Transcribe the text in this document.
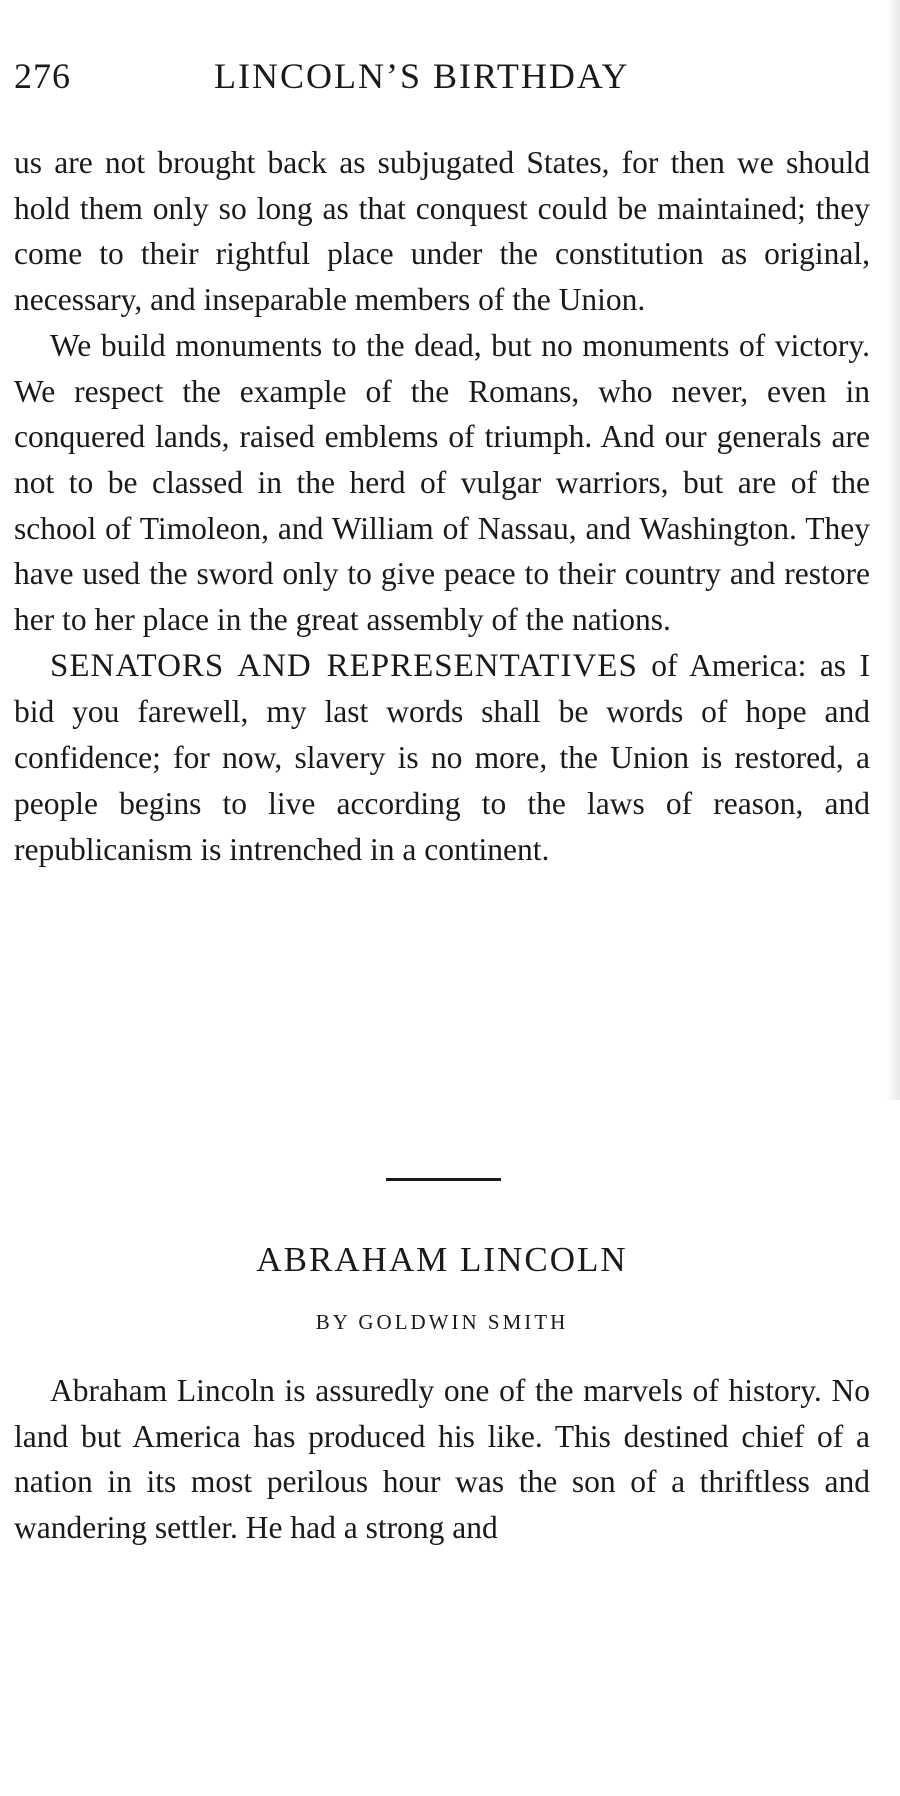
276	LINCOLN’S BIRTHDAY

us are not brought back as subjugated States, for then we should hold them only so long as that conquest could be maintained; they come to their rightful place under the constitution as original, necessary, and inseparable members of the Union.

We build monuments to the dead, but no monuments of victory. We respect the example of the Romans, who never, even in conquered lands, raised emblems of triumph. And our generals are not to be classed in the herd of vulgar warriors, but are of the school of Timoleon, and William of Nassau, and Washington. They have used the sword only to give peace to their country and restore her to her place in the great assembly of the nations.

SENATORS AND REPRESENTATIVES of America: as I bid you farewell, my last words shall be words of hope and confidence; for now, slavery is no more, the Union is restored, a people begins to live according to the laws of reason, and republicanism is intrenched in a continent.

ABRAHAM LINCOLN
BY GOLDWIN SMITH

Abraham Lincoln is assuredly one of the marvels of history. No land but America has produced his like. This destined chief of a nation in its most perilous hour was the son of a thriftless and wandering settler. He had a strong and
